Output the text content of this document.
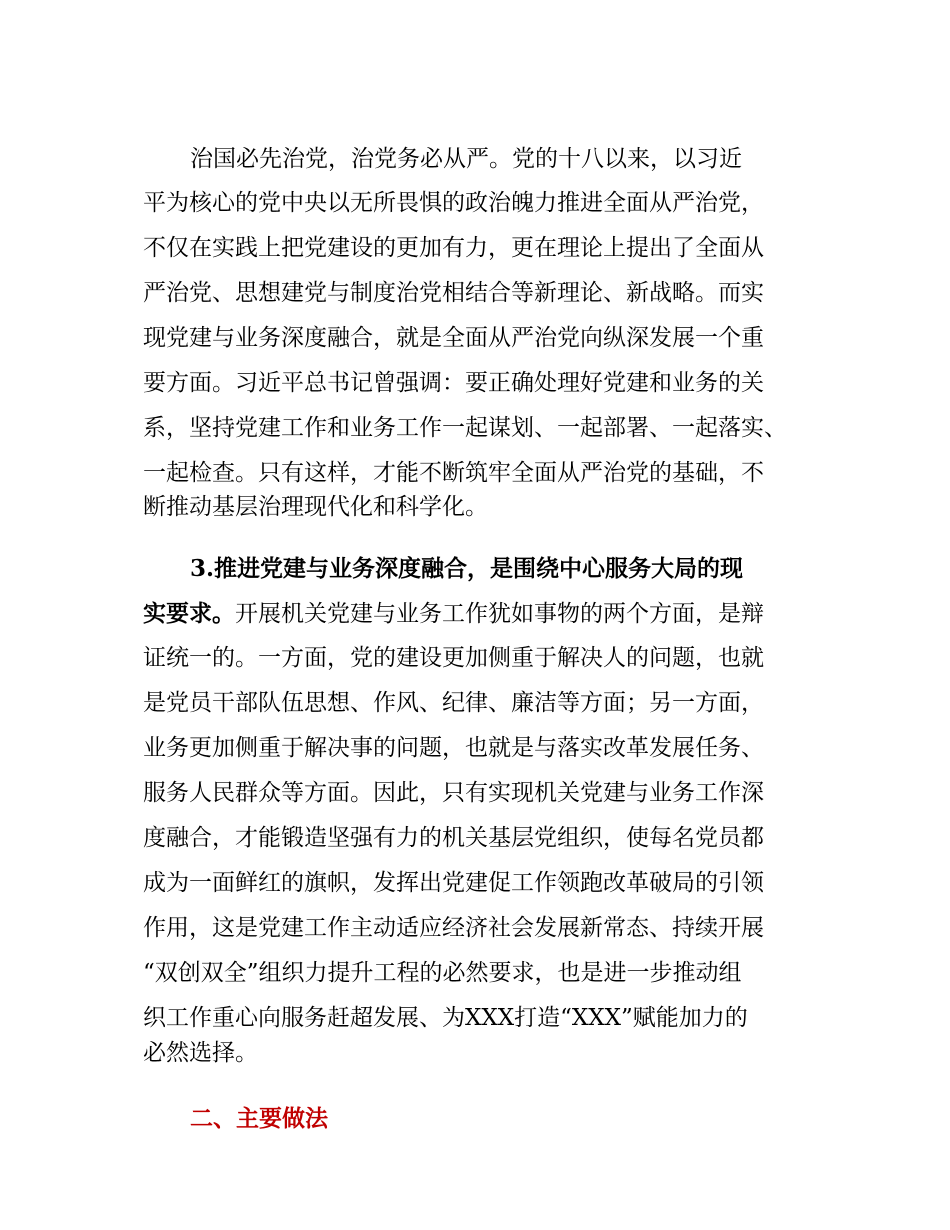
治国必先治党，治党务必从严。党的十八以来，以习近
平为核心的党中央以无所畏惧的政治魄力推进全面从严治党，
不仅在实践上把党建设的更加有力，更在理论上提出了全面从
严治党、思想建党与制度治党相结合等新理论、新战略。而实
现党建与业务深度融合，就是全面从严治党向纵深发展一个重
要方面。习近平总书记曾强调：要正确处理好党建和业务的关
系，坚持党建工作和业务工作一起谋划、一起部署、一起落实、
一起检查。只有这样，才能不断筑牢全面从严治党的基础，不
断推动基层治理现代化和科学化。
3.推进党建与业务深度融合，是围绕中心服务大局的现
实要求。开展机关党建与业务工作犹如事物的两个方面，是辩
证统一的。一方面，党的建设更加侧重于解决人的问题，也就
是党员干部队伍思想、作风、纪律、廉洁等方面；另一方面，
业务更加侧重于解决事的问题，也就是与落实改革发展任务、
服务人民群众等方面。因此，只有实现机关党建与业务工作深
度融合，才能锻造坚强有力的机关基层党组织，使每名党员都
成为一面鲜红的旗帜，发挥出党建促工作领跑改革破局的引领
作用，这是党建工作主动适应经济社会发展新常态、持续开展
“双创双全”组织力提升工程的必然要求，也是进一步推动组
织工作重心向服务赶超发展、为XXX打造“XXX”赋能加力的
必然选择。
二、主要做法
